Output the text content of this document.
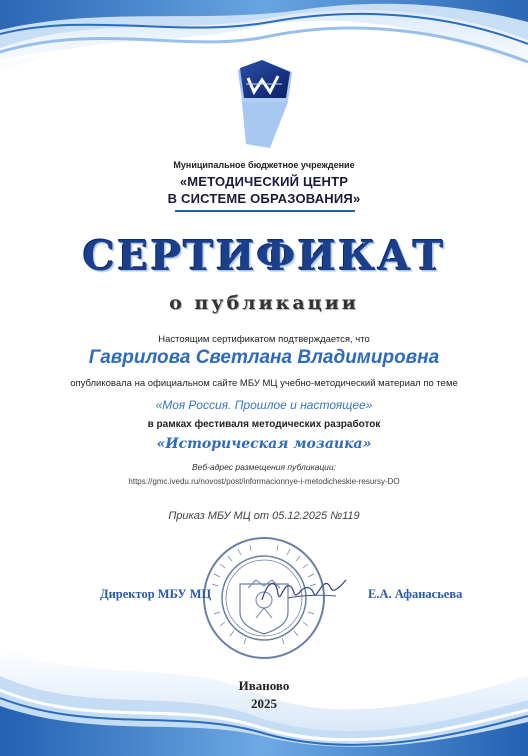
Муниципальное бюджетное учреждение
«МЕТОДИЧЕСКИЙ ЦЕНТР
В СИСТЕМЕ ОБРАЗОВАНИЯ»
СЕРТИФИКАТ
о публикации
Настоящим сертификатом подтверждается, что
Гаврилова Светлана Владимировна
опубликовала на официальном сайте МБУ МЦ учебно-методический материал по теме
«Моя Россия. Прошлое и настоящее»
в рамках фестиваля методических разработок
«Историческая мозаика»
Веб-адрес размещения публикации:
https://gmc.ivedu.ru/novost/post/informacionnye-i-metodicheskie-resursy-DO
Приказ МБУ МЦ от 05.12.2025 №119
Директор МБУ МЦ	Е.А. Афанасьева
Иваново
2025
